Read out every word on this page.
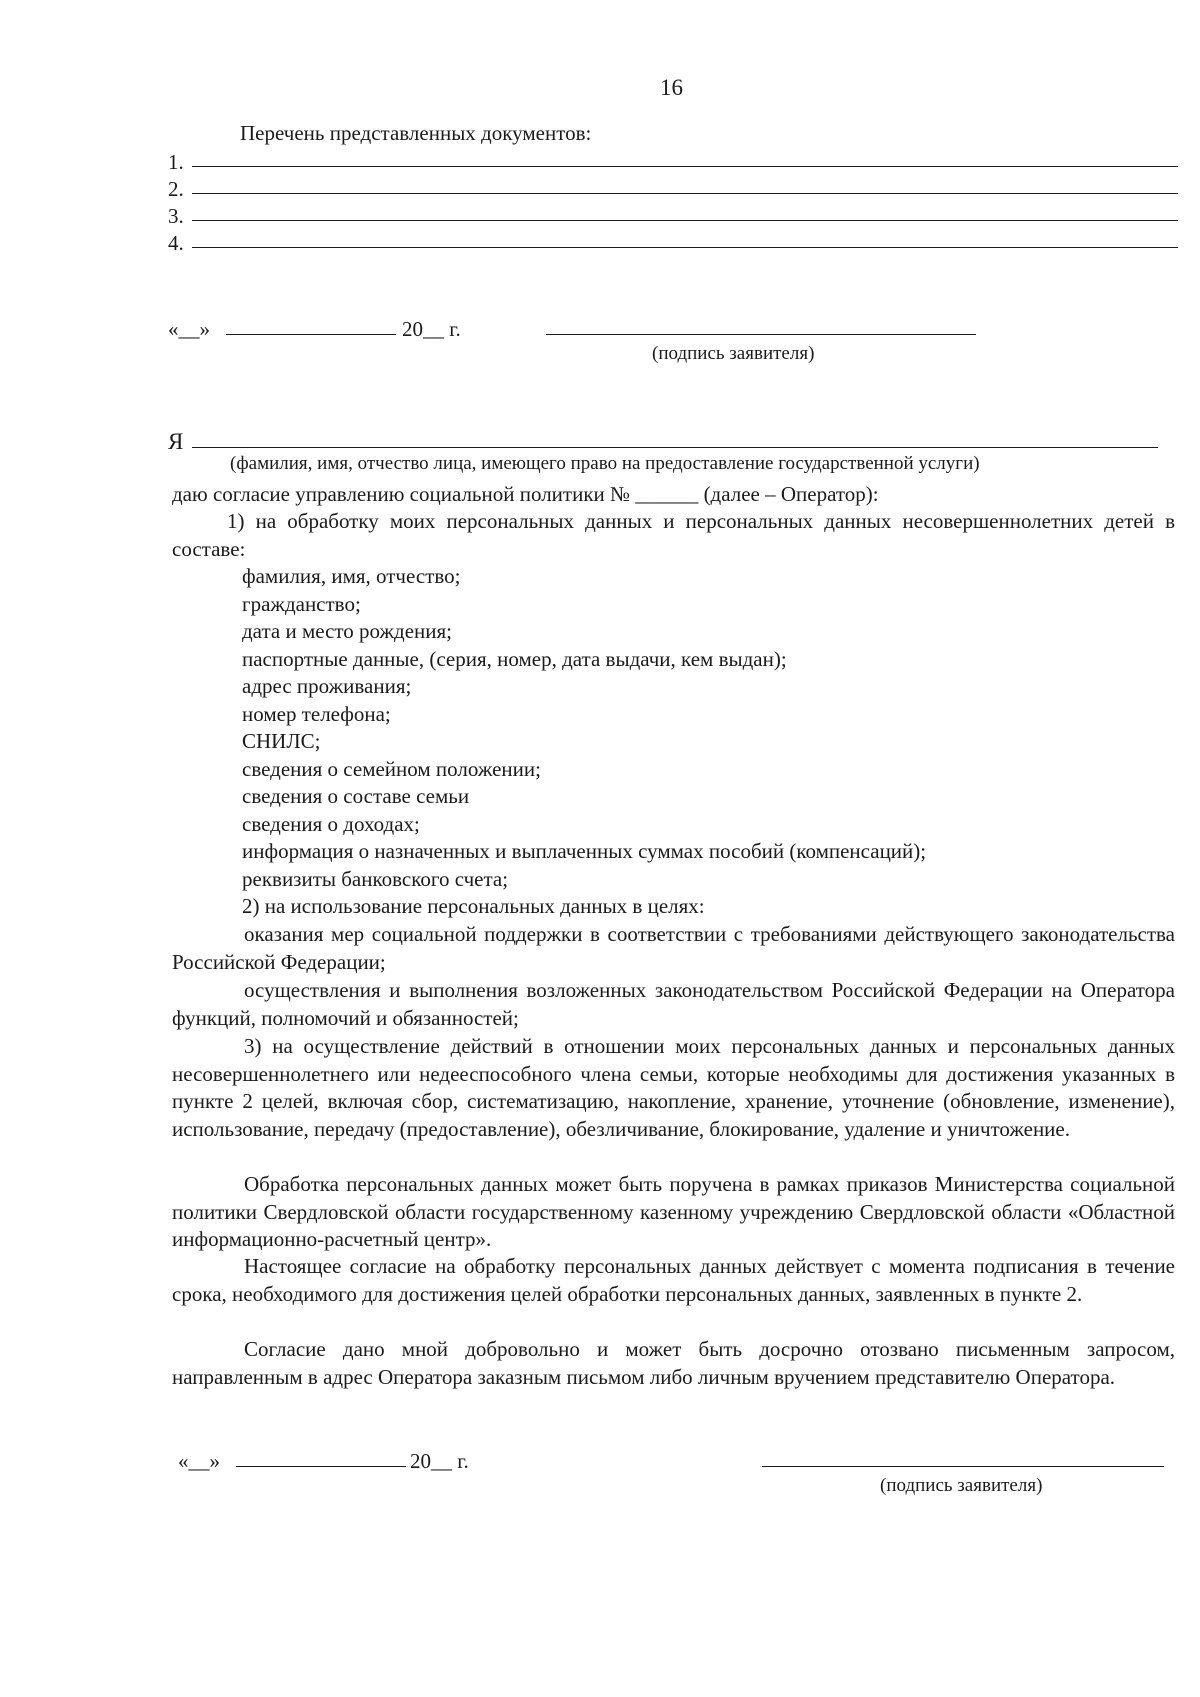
16
Перечень представленных документов:
1.
2.
3.
4.
«__»	20__ г.
(подпись заявителя)
Я
(фамилия, имя, отчество лица, имеющего право на предоставление государственной услуги)
даю согласие управлению социальной политики № ______ (далее – Оператор):
1) на обработку моих персональных данных и персональных данных несовершеннолетних детей в составе:
фамилия, имя, отчество;
гражданство;
дата и место рождения;
паспортные данные, (серия, номер, дата выдачи, кем выдан);
адрес проживания;
номер телефона;
СНИЛС;
сведения о семейном положении;
сведения о составе семьи
сведения о доходах;
информация о назначенных и выплаченных суммах пособий (компенсаций);
реквизиты банковского счета;
2) на использование персональных данных в целях:
оказания мер социальной поддержки в соответствии с требованиями действующего законодательства Российской Федерации;
осуществления и выполнения возложенных законодательством Российской Федерации на Оператора функций, полномочий и обязанностей;
3) на осуществление действий в отношении моих персональных данных и персональных данных несовершеннолетнего или недееспособного члена семьи, которые необходимы для достижения указанных в пункте 2 целей, включая сбор, систематизацию, накопление, хранение, уточнение (обновление, изменение), использование, передачу (предоставление), обезличивание, блокирование, удаление и уничтожение.
Обработка персональных данных может быть поручена в рамках приказов Министерства социальной политики Свердловской области государственному казенному учреждению Свердловской области «Областной информационно-расчетный центр».
Настоящее согласие на обработку персональных данных действует с момента подписания в течение срока, необходимого для достижения целей обработки персональных данных, заявленных в пункте 2.
Согласие дано мной добровольно и может быть досрочно отозвано письменным запросом, направленным в адрес Оператора заказным письмом либо личным вручением представителю Оператора.
«__»	20__ г.
(подпись заявителя)
